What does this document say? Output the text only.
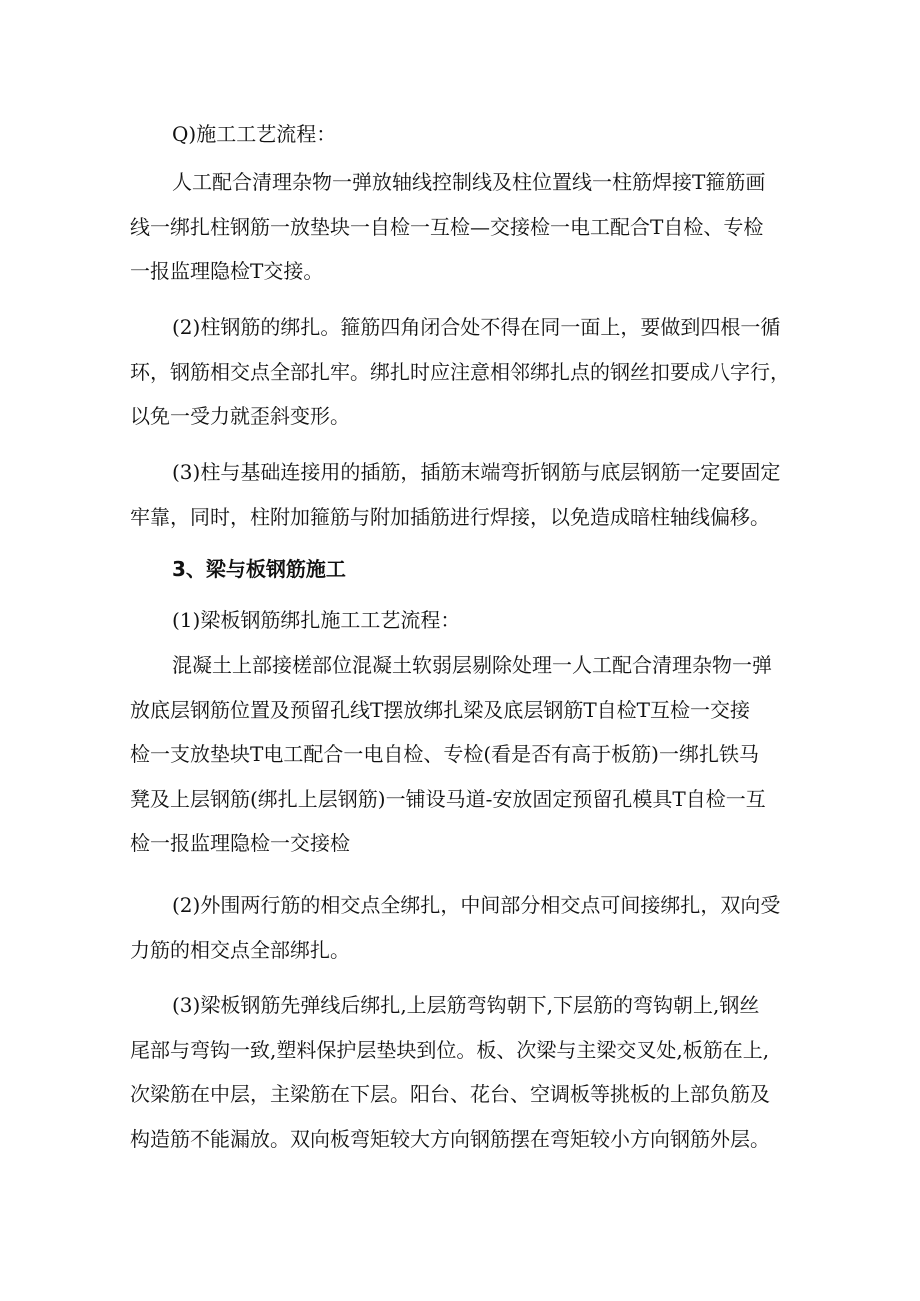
Q)施工工艺流程：
人工配合清理杂物一弹放轴线控制线及柱位置线一柱筋焊接T箍筋画
线一绑扎柱钢筋一放垫块一自检一互检—交接检一电工配合T自检、专检
一报监理隐检T交接。
(2)柱钢筋的绑扎。箍筋四角闭合处不得在同一面上，要做到四根一循
环，钢筋相交点全部扎牢。绑扎时应注意相邻绑扎点的钢丝扣要成八字行，
以免一受力就歪斜变形。
(3)柱与基础连接用的插筋，插筋末端弯折钢筋与底层钢筋一定要固定
牢靠，同时，柱附加箍筋与附加插筋进行焊接，以免造成暗柱轴线偏移。
3、梁与板钢筋施工
(1)梁板钢筋绑扎施工工艺流程：
混凝土上部接槎部位混凝土软弱层剔除处理一人工配合清理杂物一弹
放底层钢筋位置及预留孔线T摆放绑扎梁及底层钢筋T自检T互检一交接
检一支放垫块T电工配合一电自检、专检(看是否有高于板筋)一绑扎铁马
凳及上层钢筋(绑扎上层钢筋)一铺设马道-安放固定预留孔模具T自检一互
检一报监理隐检一交接检
(2)外围两行筋的相交点全绑扎，中间部分相交点可间接绑扎，双向受
力筋的相交点全部绑扎。
(3)梁板钢筋先弹线后绑扎,上层筋弯钩朝下,下层筋的弯钩朝上,钢丝
尾部与弯钩一致,塑料保护层垫块到位。板、次梁与主梁交叉处,板筋在上,
次梁筋在中层，主梁筋在下层。阳台、花台、空调板等挑板的上部负筋及
构造筋不能漏放。双向板弯矩较大方向钢筋摆在弯矩较小方向钢筋外层。
